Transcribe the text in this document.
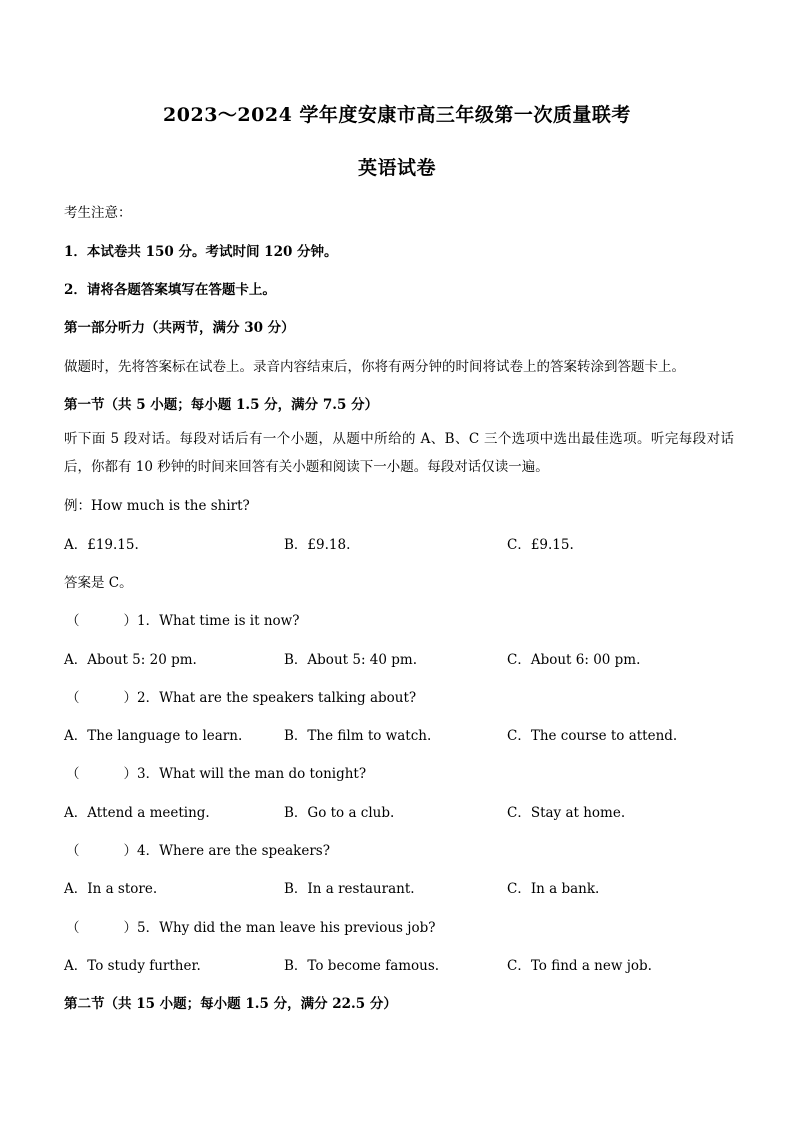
2023～2024 学年度安康市高三年级第一次质量联考
英语试卷
考生注意：
1．本试卷共 150 分。考试时间 120 分钟。
2．请将各题答案填写在答题卡上。
第一部分听力（共两节，满分 30 分）
做题时，先将答案标在试卷上。录音内容结束后，你将有两分钟的时间将试卷上的答案转涂到答题卡上。
第一节（共 5 小题；每小题 1.5 分，满分 7.5 分）
听下面 5 段对话。每段对话后有一个小题，从题中所给的 A、B、C 三个选项中选出最佳选项。听完每段对话后，你都有 10 秒钟的时间来回答有关小题和阅读下一小题。每段对话仅读一遍。
例：How much is the shirt?
A．£19.15.	B．£9.18.	C．£9.15.
答案是 C。
（	）1．What time is it now?
A．About 5: 20 pm.	B．About 5: 40 pm.	C．About 6: 00 pm.
（	）2．What are the speakers talking about?
A．The language to learn.	B．The film to watch.	C．The course to attend.
（	）3．What will the man do tonight?
A．Attend a meeting.	B．Go to a club.	C．Stay at home.
（	）4．Where are the speakers?
A．In a store.	B．In a restaurant.	C．In a bank.
（	）5．Why did the man leave his previous job?
A．To study further.	B．To become famous.	C．To find a new job.
第二节（共 15 小题；每小题 1.5 分，满分 22.5 分）
